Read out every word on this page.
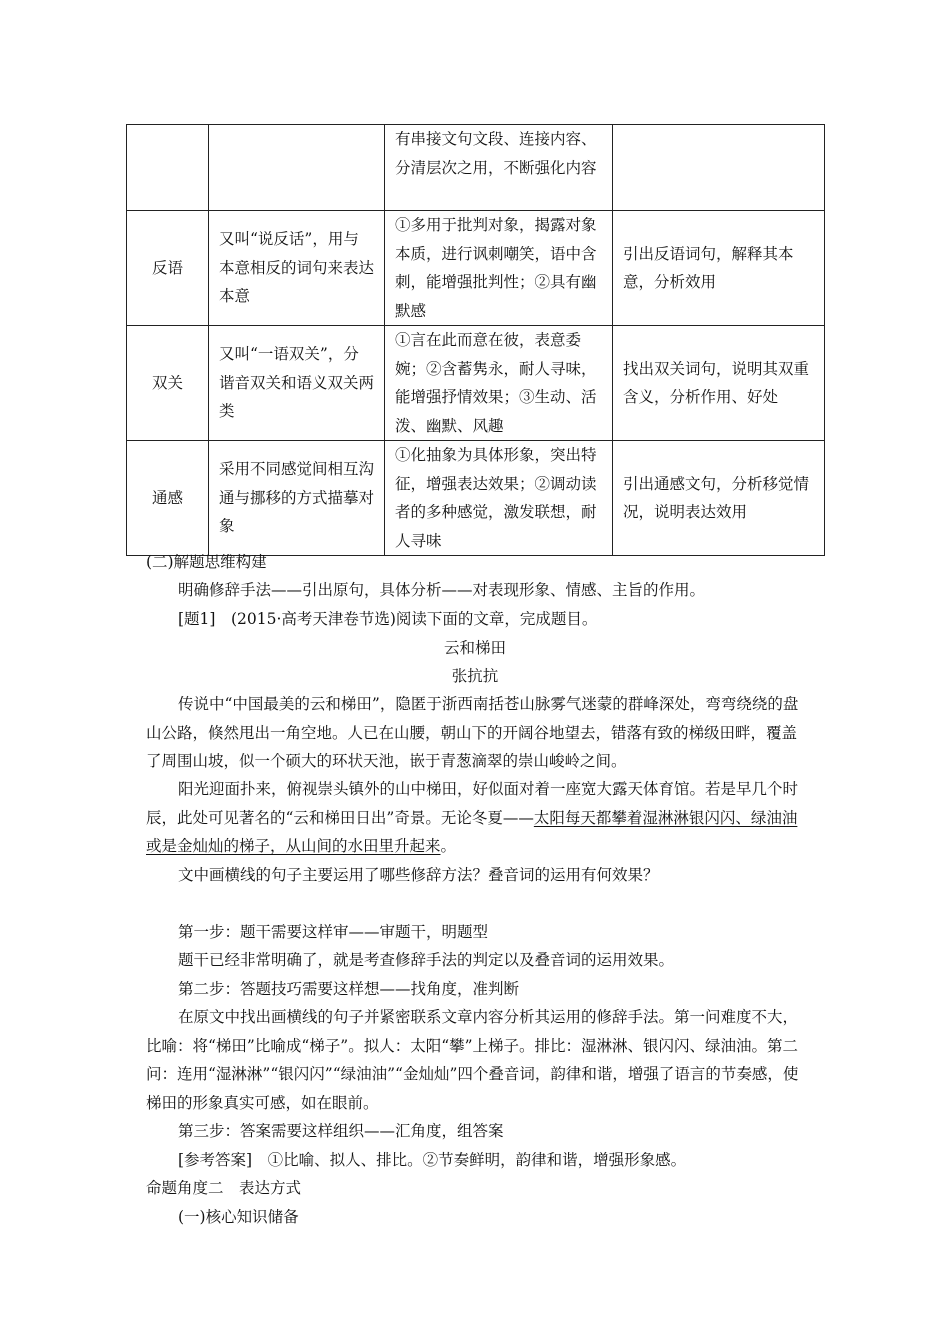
		有串接文句文段、连接内容、分清层次之用，不断强化内容	
反语	又叫“说反话”，用与本意相反的词句来表达本意	①多用于批判对象，揭露对象本质，进行讽刺嘲笑，语中含刺，能增强批判性；②具有幽默感	引出反语词句，解释其本意，分析效用
双关	又叫“一语双关”，分谐音双关和语义双关两类	①言在此而意在彼，表意委婉；②含蓄隽永，耐人寻味，能增强抒情效果；③生动、活泼、幽默、风趣	找出双关词句，说明其双重含义，分析作用、好处
通感	采用不同感觉间相互沟通与挪移的方式描摹对象	①化抽象为具体形象，突出特征，增强表达效果；②调动读者的多种感觉，激发联想，耐人寻味	引出通感文句，分析移觉情况，说明表达效用
(二)解题思维构建
明确修辞手法——引出原句，具体分析——对表现形象、情感、主旨的作用。
[题1]　(2015·高考天津卷节选)阅读下面的文章，完成题目。
云和梯田
张抗抗
传说中“中国最美的云和梯田”，隐匿于浙西南括苍山脉雾气迷蒙的群峰深处，弯弯绕绕的盘山公路，倏然甩出一角空地。人已在山腰，朝山下的开阔谷地望去，错落有致的梯级田畔，覆盖了周围山坡，似一个硕大的环状天池，嵌于青葱滴翠的崇山峻岭之间。
阳光迎面扑来，俯视崇头镇外的山中梯田，好似面对着一座宽大露天体育馆。若是早几个时辰，此处可见著名的“云和梯田日出”奇景。无论冬夏——太阳每天都攀着湿淋淋银闪闪、绿油油或是金灿灿的梯子，从山间的水田里升起来。
文中画横线的句子主要运用了哪些修辞方法？叠音词的运用有何效果？
第一步：题干需要这样审——审题干，明题型
题干已经非常明确了，就是考查修辞手法的判定以及叠音词的运用效果。
第二步：答题技巧需要这样想——找角度，准判断
在原文中找出画横线的句子并紧密联系文章内容分析其运用的修辞手法。第一问难度不大，比喻：将“梯田”比喻成“梯子”。拟人：太阳“攀”上梯子。排比：湿淋淋、银闪闪、绿油油。第二问：连用“湿淋淋”“银闪闪”“绿油油”“金灿灿”四个叠音词，韵律和谐，增强了语言的节奏感，使梯田的形象真实可感，如在眼前。
第三步：答案需要这样组织——汇角度，组答案
[参考答案]　①比喻、拟人、排比。②节奏鲜明，韵律和谐，增强形象感。
命题角度二　表达方式
(一)核心知识储备
